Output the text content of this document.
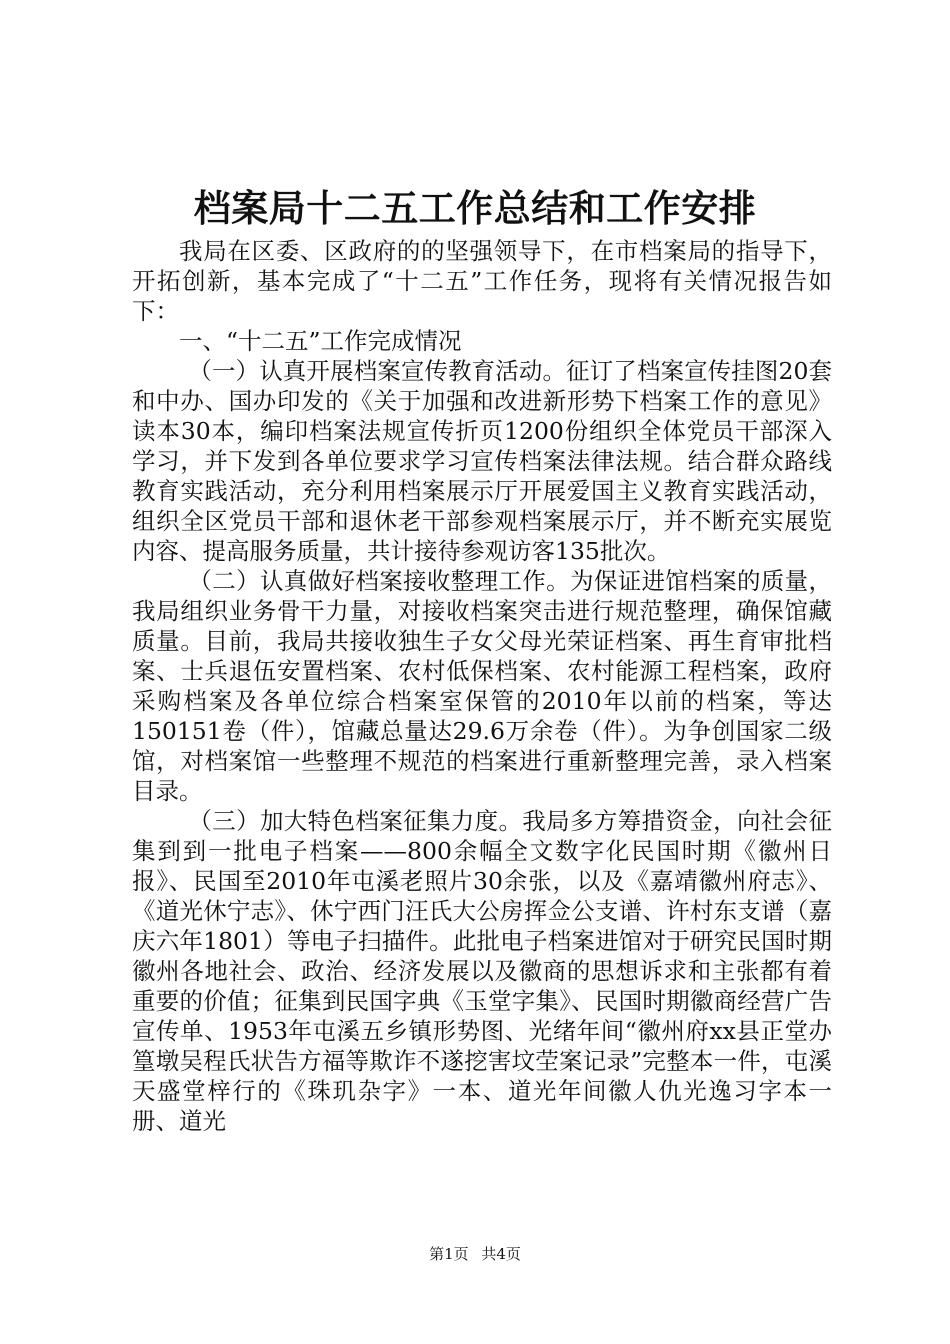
档案局十二五工作总结和工作安排

我局在区委、区政府的的坚强领导下，在市档案局的指导下，开拓创新，基本完成了“十二五”工作任务，现将有关情况报告如下：

一、“十二五”工作完成情况

（一）认真开展档案宣传教育活动。征订了档案宣传挂图20套和中办、国办印发的《关于加强和改进新形势下档案工作的意见》读本30本，编印档案法规宣传折页1200份组织全体党员干部深入学习，并下发到各单位要求学习宣传档案法律法规。结合群众路线教育实践活动，充分利用档案展示厅开展爱国主义教育实践活动，组织全区党员干部和退休老干部参观档案展示厅，并不断充实展览内容、提高服务质量，共计接待参观访客135批次。

（二）认真做好档案接收整理工作。为保证进馆档案的质量，我局组织业务骨干力量，对接收档案突击进行规范整理，确保馆藏质量。目前，我局共接收独生子女父母光荣证档案、再生育审批档案、士兵退伍安置档案、农村低保档案、农村能源工程档案，政府采购档案及各单位综合档案室保管的2010年以前的档案，等达150151卷（件），馆藏总量达29.6万余卷（件）。为争创国家二级馆，对档案馆一些整理不规范的档案进行重新整理完善，录入档案目录。

（三）加大特色档案征集力度。我局多方筹措资金，向社会征集到到一批电子档案——800余幅全文数字化民国时期《徽州日报》、民国至2010年屯溪老照片30余张，以及《嘉靖徽州府志》、《道光休宁志》、休宁西门汪氏大公房挥佥公支谱、许村东支谱（嘉庆六年1801）等电子扫描件。此批电子档案进馆对于研究民国时期徽州各地社会、政治、经济发展以及徽商的思想诉求和主张都有着重要的价值；征集到民国字典《玉堂字集》、民国时期徽商经营广告宣传单、1953年屯溪五乡镇形势图、光绪年间“徽州府xx县正堂办篁墩吴程氏状告方福等欺诈不遂挖害坟茔案记录”完整本一件，屯溪天盛堂梓行的《珠玑杂字》一本、道光年间徽人仇光逸习字本一册、道光

第1页 共4页
